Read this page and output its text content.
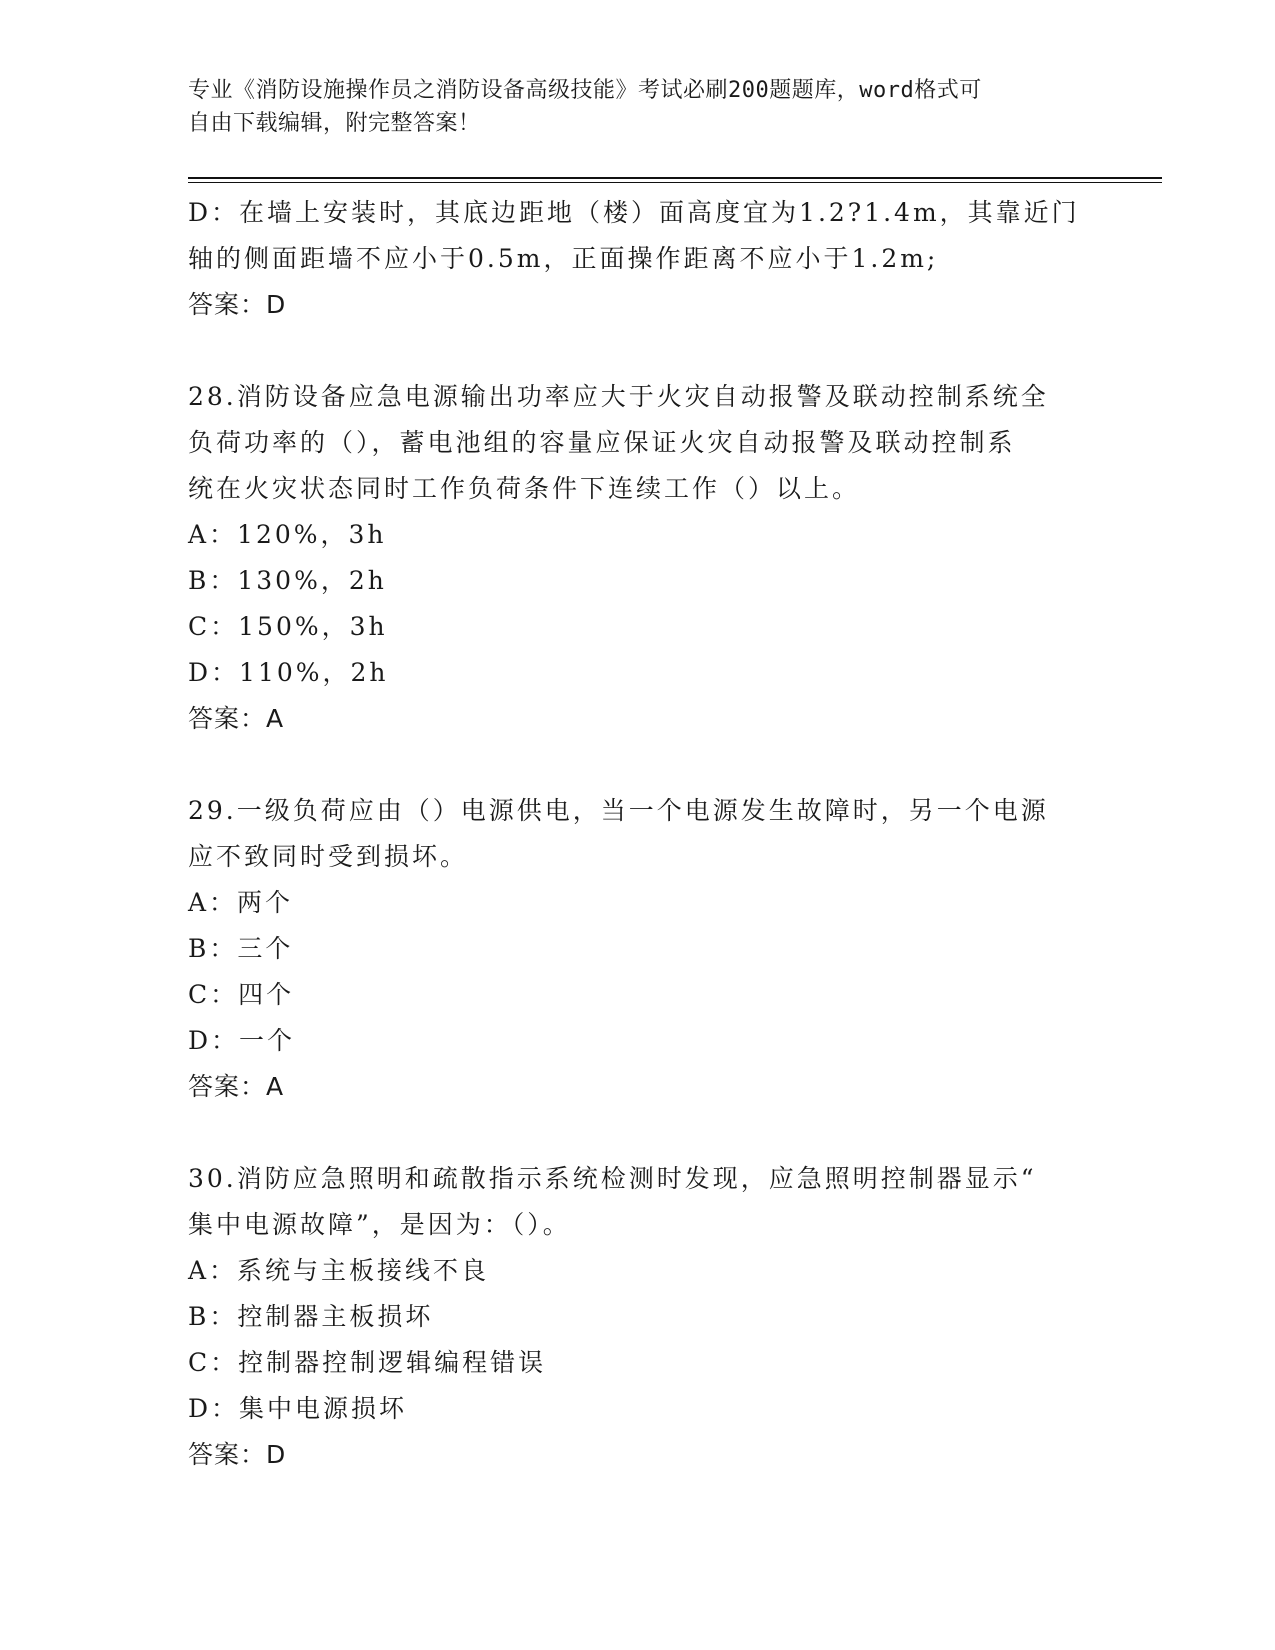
专业《消防设施操作员之消防设备高级技能》考试必刷200题题库，word格式可
自由下载编辑，附完整答案！

D：在墙上安装时，其底边距地（楼）面高度宜为1.2?1.4m，其靠近门

轴的侧面距墙不应小于0.5m，正面操作距离不应小于1.2m;

答案：D

28.消防设备应急电源输出功率应大于火灾自动报警及联动控制系统全

负荷功率的（），蓄电池组的容量应保证火灾自动报警及联动控制系

统在火灾状态同时工作负荷条件下连续工作（）以上。

A：120%，3h

B：130%，2h

C：150%，3h

D：110%，2h

答案：A

29.一级负荷应由（）电源供电，当一个电源发生故障时，另一个电源

应不致同时受到损坏。

A：两个

B：三个

C：四个

D：一个

答案：A

30.消防应急照明和疏散指示系统检测时发现，应急照明控制器显示“

集中电源故障”，是因为：（）。

A：系统与主板接线不良

B：控制器主板损坏

C：控制器控制逻辑编程错误

D：集中电源损坏

答案：D
